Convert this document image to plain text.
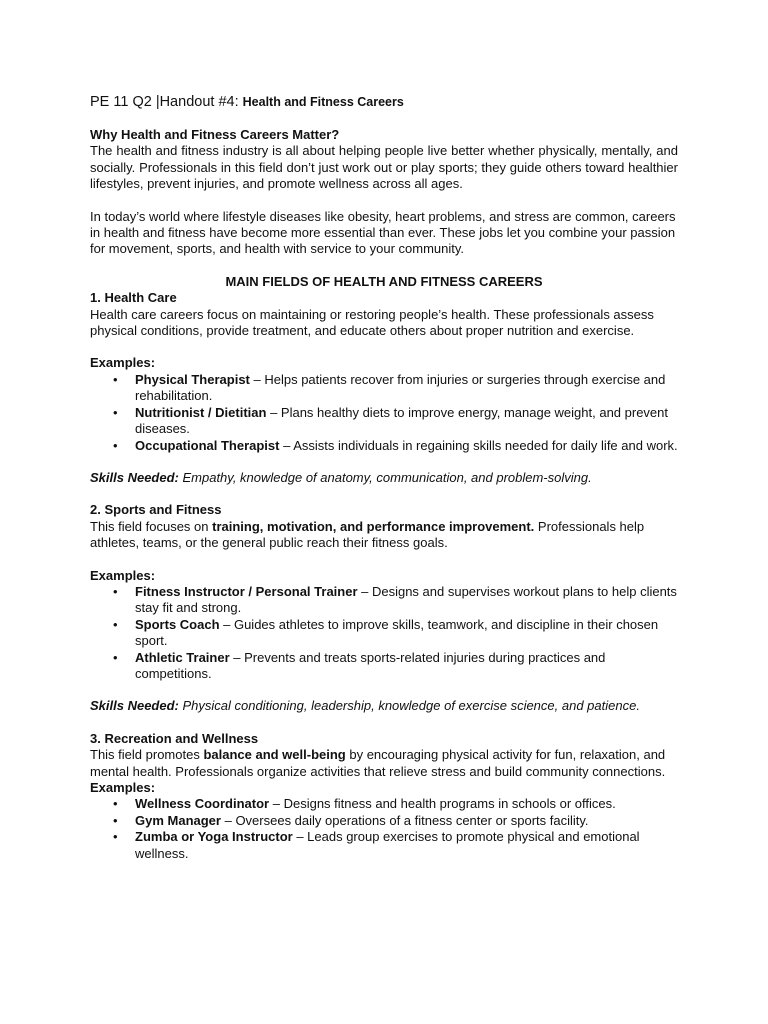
PE 11 Q2 |Handout #4: Health and Fitness Careers

Why Health and Fitness Careers Matter?

The health and fitness industry is all about helping people live better whether physically, mentally, and socially. Professionals in this field don’t just work out or play sports; they guide others toward healthier lifestyles, prevent injuries, and promote wellness across all ages.

In today’s world where lifestyle diseases like obesity, heart problems, and stress are common, careers in health and fitness have become more essential than ever. These jobs let you combine your passion for movement, sports, and health with service to your community.

MAIN FIELDS OF HEALTH AND FITNESS CAREERS

1. Health Care

Health care careers focus on maintaining or restoring people’s health. These professionals assess physical conditions, provide treatment, and educate others about proper nutrition and exercise.

Examples:

• Physical Therapist – Helps patients recover from injuries or surgeries through exercise and rehabilitation.
• Nutritionist / Dietitian – Plans healthy diets to improve energy, manage weight, and prevent diseases.
• Occupational Therapist – Assists individuals in regaining skills needed for daily life and work.

Skills Needed: Empathy, knowledge of anatomy, communication, and problem-solving.

2. Sports and Fitness

This field focuses on training, motivation, and performance improvement. Professionals help athletes, teams, or the general public reach their fitness goals.

Examples:

• Fitness Instructor / Personal Trainer – Designs and supervises workout plans to help clients stay fit and strong.
• Sports Coach – Guides athletes to improve skills, teamwork, and discipline in their chosen sport.
• Athletic Trainer – Prevents and treats sports-related injuries during practices and competitions.

Skills Needed: Physical conditioning, leadership, knowledge of exercise science, and patience.

3. Recreation and Wellness

This field promotes balance and well-being by encouraging physical activity for fun, relaxation, and mental health. Professionals organize activities that relieve stress and build community connections.

Examples:

• Wellness Coordinator – Designs fitness and health programs in schools or offices.
• Gym Manager – Oversees daily operations of a fitness center or sports facility.
• Zumba or Yoga Instructor – Leads group exercises to promote physical and emotional wellness.
